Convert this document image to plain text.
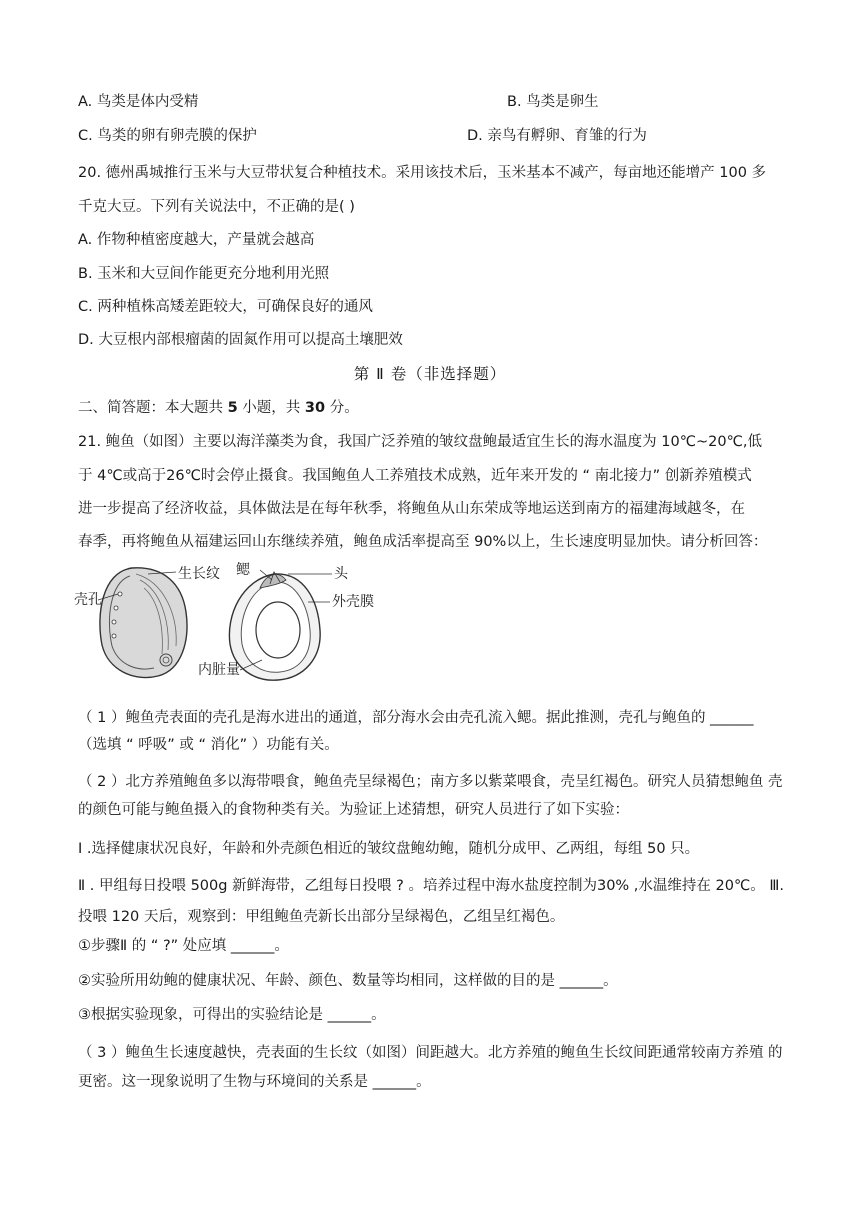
A. 鸟类是体内受精	B. 鸟类是卵生
C. 鸟类的卵有卵壳膜的保护	D. 亲鸟有孵卵、育雏的行为
20. 德州禹城推行玉米与大豆带状复合种植技术。采用该技术后，玉米基本不减产，每亩地还能增产 100 多
千克大豆。下列有关说法中，不正确的是( )
A. 作物种植密度越大，产量就会越高
B. 玉米和大豆间作能更充分地利用光照
C. 两种植株高矮差距较大，可确保良好的通风
D. 大豆根内部根瘤菌的固氮作用可以提高土壤肥效
第 Ⅱ 卷（非选择题）
二、简答题：本大题共 5 小题，共 30 分。
21. 鲍鱼（如图）主要以海洋藻类为食，我国广泛养殖的皱纹盘鲍最适宜生长的海水温度为 10℃~20℃,低
于 4℃或高于26℃时会停止摄食。我国鲍鱼人工养殖技术成熟，近年来开发的 “ 南北接力” 创新养殖模式
进一步提高了经济收益，具体做法是在每年秋季，将鲍鱼从山东荣成等地运送到南方的福建海域越冬，在
春季，再将鲍鱼从福建运回山东继续养殖，鲍鱼成活率提高至 90%以上，生长速度明显加快。请分析回答：
生长纹
壳孔
鳃	头
外壳膜
内脏量
（ 1 ）鲍鱼壳表面的壳孔是海水进出的通道，部分海水会由壳孔流入鳃。据此推测，壳孔与鲍鱼的 ______
（选填 “ 呼吸” 或 “ 消化” ）功能有关。
（ 2 ）北方养殖鲍鱼多以海带喂食，鲍鱼壳呈绿褐色；南方多以紫菜喂食，壳呈红褐色。研究人员猜想鲍鱼 壳
的颜色可能与鲍鱼摄入的食物种类有关。为验证上述猜想，研究人员进行了如下实验：
Ⅰ .选择健康状况良好，年龄和外壳颜色相近的皱纹盘鲍幼鲍，随机分成甲、乙两组，每组 50 只。
Ⅱ . 甲组每日投喂 500g 新鲜海带，乙组每日投喂 ? 。培养过程中海水盐度控制为30% ,水温维持在 20℃。 Ⅲ.
投喂 120 天后，观察到：甲组鲍鱼壳新长出部分呈绿褐色，乙组呈红褐色。
①步骤Ⅱ 的 “ ?” 处应填 ______。
②实验所用幼鲍的健康状况、年龄、颜色、数量等均相同，这样做的目的是 ______。
③根据实验现象，可得出的实验结论是 ______。
（ 3 ）鲍鱼生长速度越快，壳表面的生长纹（如图）间距越大。北方养殖的鲍鱼生长纹间距通常较南方养殖 的
更密。这一现象说明了生物与环境间的关系是 ______。
